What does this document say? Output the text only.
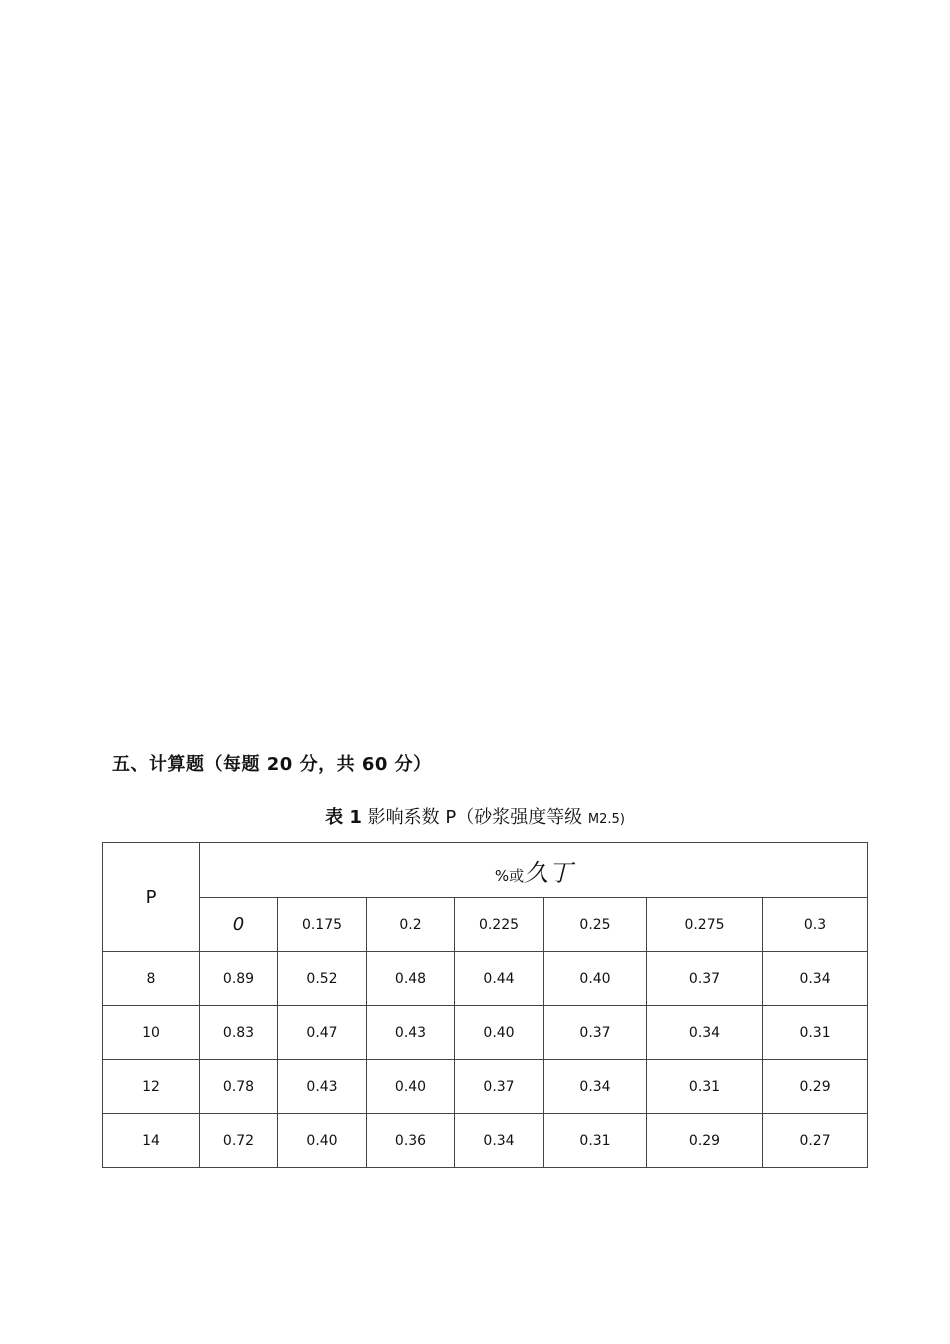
五、计算题（每题 20 分，共 60 分）
表 1 影响系数 P（砂浆强度等级 M2.5)
P	%或久丁						
	0	0.175	0.2	0.225	0.25	0.275	0.3
8	0.89	0.52	0.48	0.44	0.40	0.37	0.34
10	0.83	0.47	0.43	0.40	0.37	0.34	0.31
12	0.78	0.43	0.40	0.37	0.34	0.31	0.29
14	0.72	0.40	0.36	0.34	0.31	0.29	0.27
